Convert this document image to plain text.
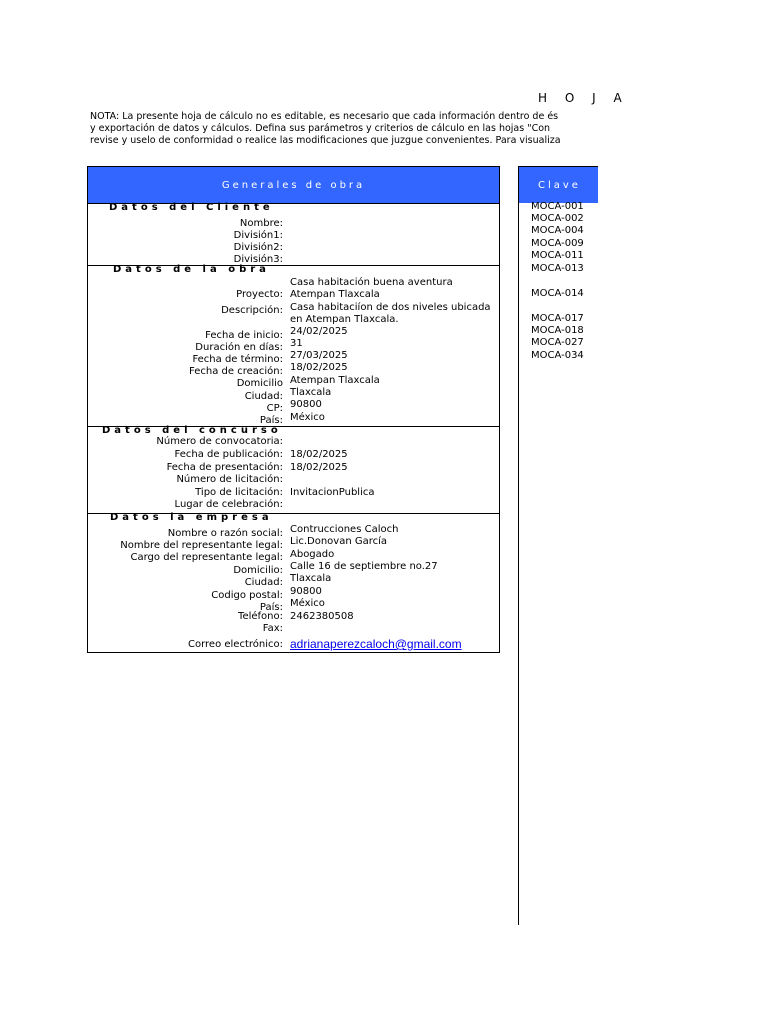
H O J A
NOTA: La presente hoja de cálculo no es editable, es necesario que cada información dentro de és
y exportación de datos y cálculos. Defina sus parámetros y criterios de cálculo en las hojas "Con
revise y uselo de conformidad o realice las modificaciones que juzgue convenientes. Para visualiza
Generales de obra
Datos del Cliente
Nombre:
División1:
División2:
División3:
Datos de la obra
Casa habitación buena aventura
Proyecto: Atempan Tlaxcala
Casa habitaciíon de dos niveles ubicada
Descripción:
en Atempan Tlaxcala.
Fecha de inicio: 24/02/2025
Duración en días: 31
Fecha de término: 27/03/2025
Fecha de creación: 18/02/2025
Domicilio Atempan Tlaxcala
Ciudad: Tlaxcala
CP: 90800
País: México
Datos del concurso
Número de convocatoria:
Fecha de publicación: 18/02/2025
Fecha de presentación: 18/02/2025
Número de licitación:
Tipo de licitación: InvitacionPublica
Lugar de celebración:
Datos la empresa
Nombre o razón social: Contrucciones Caloch
Nombre del representante legal: Lic.Donovan García
Cargo del representante legal: Abogado
Domicilio: Calle 16 de septiembre no.27
Ciudad: Tlaxcala
Codigo postal: 90800
País: México
Teléfono: 2462380508
Fax:
Correo electrónico: adrianaperezcaloch@gmail.com
Clave
MOCA-001
MOCA-002
MOCA-004
MOCA-009
MOCA-011
MOCA-013
MOCA-014
MOCA-017
MOCA-018
MOCA-027
MOCA-034
